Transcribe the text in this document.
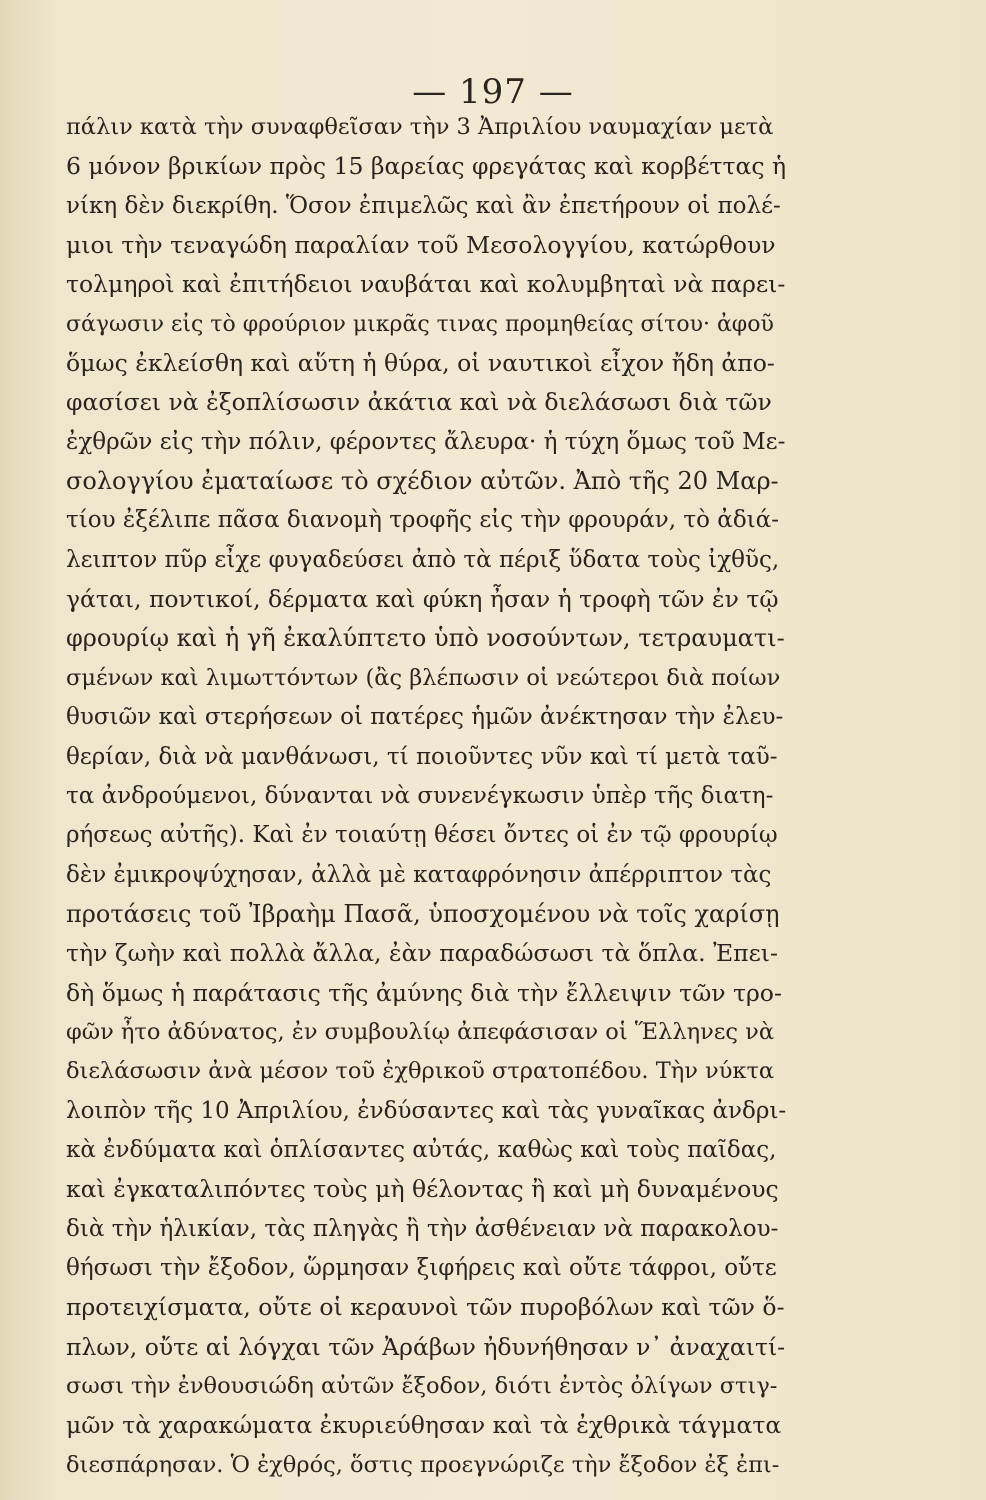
— 197 —
πάλιν κατὰ τὴν συναφθεῖσαν τὴν 3 Ἀπριλίου ναυμαχίαν μετὰ
6 μόνον βρικίων πρὸς 15 βαρείας φρεγάτας καὶ κορβέττας ἡ
νίκη δὲν διεκρίθη. Ὅσον ἐπιμελῶς καὶ ἂν ἐπετήρουν οἱ πολέ-
μιοι τὴν τεναγώδη παραλίαν τοῦ Μεσολογγίου, κατώρθουν
τολμηροὶ καὶ ἐπιτήδειοι ναυβάται καὶ κολυμβηταὶ νὰ παρει-
σάγωσιν εἰς τὸ φρούριον μικρᾶς τινας προμηθείας σίτου· ἀφοῦ
ὅμως ἐκλείσθη καὶ αὕτη ἡ θύρα, οἱ ναυτικοὶ εἶχον ἤδη ἀπο-
φασίσει νὰ ἐξοπλίσωσιν ἀκάτια καὶ νὰ διελάσωσι διὰ τῶν
ἐχθρῶν εἰς τὴν πόλιν, φέροντες ἄλευρα· ἡ τύχη ὅμως τοῦ Με-
σολογγίου ἐματαίωσε τὸ σχέδιον αὐτῶν. Ἀπὸ τῆς 20 Μαρ-
τίου ἐξέλιπε πᾶσα διανομὴ τροφῆς εἰς τὴν φρουράν, τὸ ἀδιά-
λειπτον πῦρ εἶχε φυγαδεύσει ἀπὸ τὰ πέριξ ὕδατα τοὺς ἰχθῦς,
γάται, ποντικοί, δέρματα καὶ φύκη ἦσαν ἡ τροφὴ τῶν ἐν τῷ
φρουρίῳ καὶ ἡ γῆ ἐκαλύπτετο ὑπὸ νοσούντων, τετραυματι-
σμένων καὶ λιμωττόντων (ἂς βλέπωσιν οἱ νεώτεροι διὰ ποίων
θυσιῶν καὶ στερήσεων οἱ πατέρες ἡμῶν ἀνέκτησαν τὴν ἐλευ-
θερίαν, διὰ νὰ μανθάνωσι, τί ποιοῦντες νῦν καὶ τί μετὰ ταῦ-
τα ἀνδρούμενοι, δύνανται νὰ συνενέγκωσιν ὑπὲρ τῆς διατη-
ρήσεως αὐτῆς). Καὶ ἐν τοιαύτῃ θέσει ὄντες οἱ ἐν τῷ φρουρίῳ
δὲν ἐμικροψύχησαν, ἀλλὰ μὲ καταφρόνησιν ἀπέρριπτον τὰς
προτάσεις τοῦ Ἰβραὴμ Πασᾶ, ὑποσχομένου νὰ τοῖς χαρίσῃ
τὴν ζωὴν καὶ πολλὰ ἄλλα, ἐὰν παραδώσωσι τὰ ὅπλα. Ἐπει-
δὴ ὅμως ἡ παράτασις τῆς ἀμύνης διὰ τὴν ἔλλειψιν τῶν τρο-
φῶν ἦτο ἀδύνατος, ἐν συμβουλίῳ ἀπεφάσισαν οἱ Ἕλληνες νὰ
διελάσωσιν ἀνὰ μέσον τοῦ ἐχθρικοῦ στρατοπέδου. Τὴν νύκτα
λοιπὸν τῆς 10 Ἀπριλίου, ἐνδύσαντες καὶ τὰς γυναῖκας ἀνδρι-
κὰ ἐνδύματα καὶ ὁπλίσαντες αὐτάς, καθὼς καὶ τοὺς παῖδας,
καὶ ἐγκαταλιπόντες τοὺς μὴ θέλοντας ἢ καὶ μὴ δυναμένους
διὰ τὴν ἡλικίαν, τὰς πληγὰς ἢ τὴν ἀσθένειαν νὰ παρακολου-
θήσωσι τὴν ἔξοδον, ὥρμησαν ξιφήρεις καὶ οὔτε τάφροι, οὔτε
προτειχίσματα, οὔτε οἱ κεραυνοὶ τῶν πυροβόλων καὶ τῶν ὅ-
πλων, οὔτε αἱ λόγχαι τῶν Ἀράβων ἠδυνήθησαν ν᾿ ἀναχαιτί-
σωσι τὴν ἐνθουσιώδη αὐτῶν ἔξοδον, διότι ἐντὸς ὀλίγων στιγ-
μῶν τὰ χαρακώματα ἐκυριεύθησαν καὶ τὰ ἐχθρικὰ τάγματα
διεσπάρησαν. Ὁ ἐχθρός, ὅστις προεγνώριζε τὴν ἔξοδον ἐξ ἐπι-
